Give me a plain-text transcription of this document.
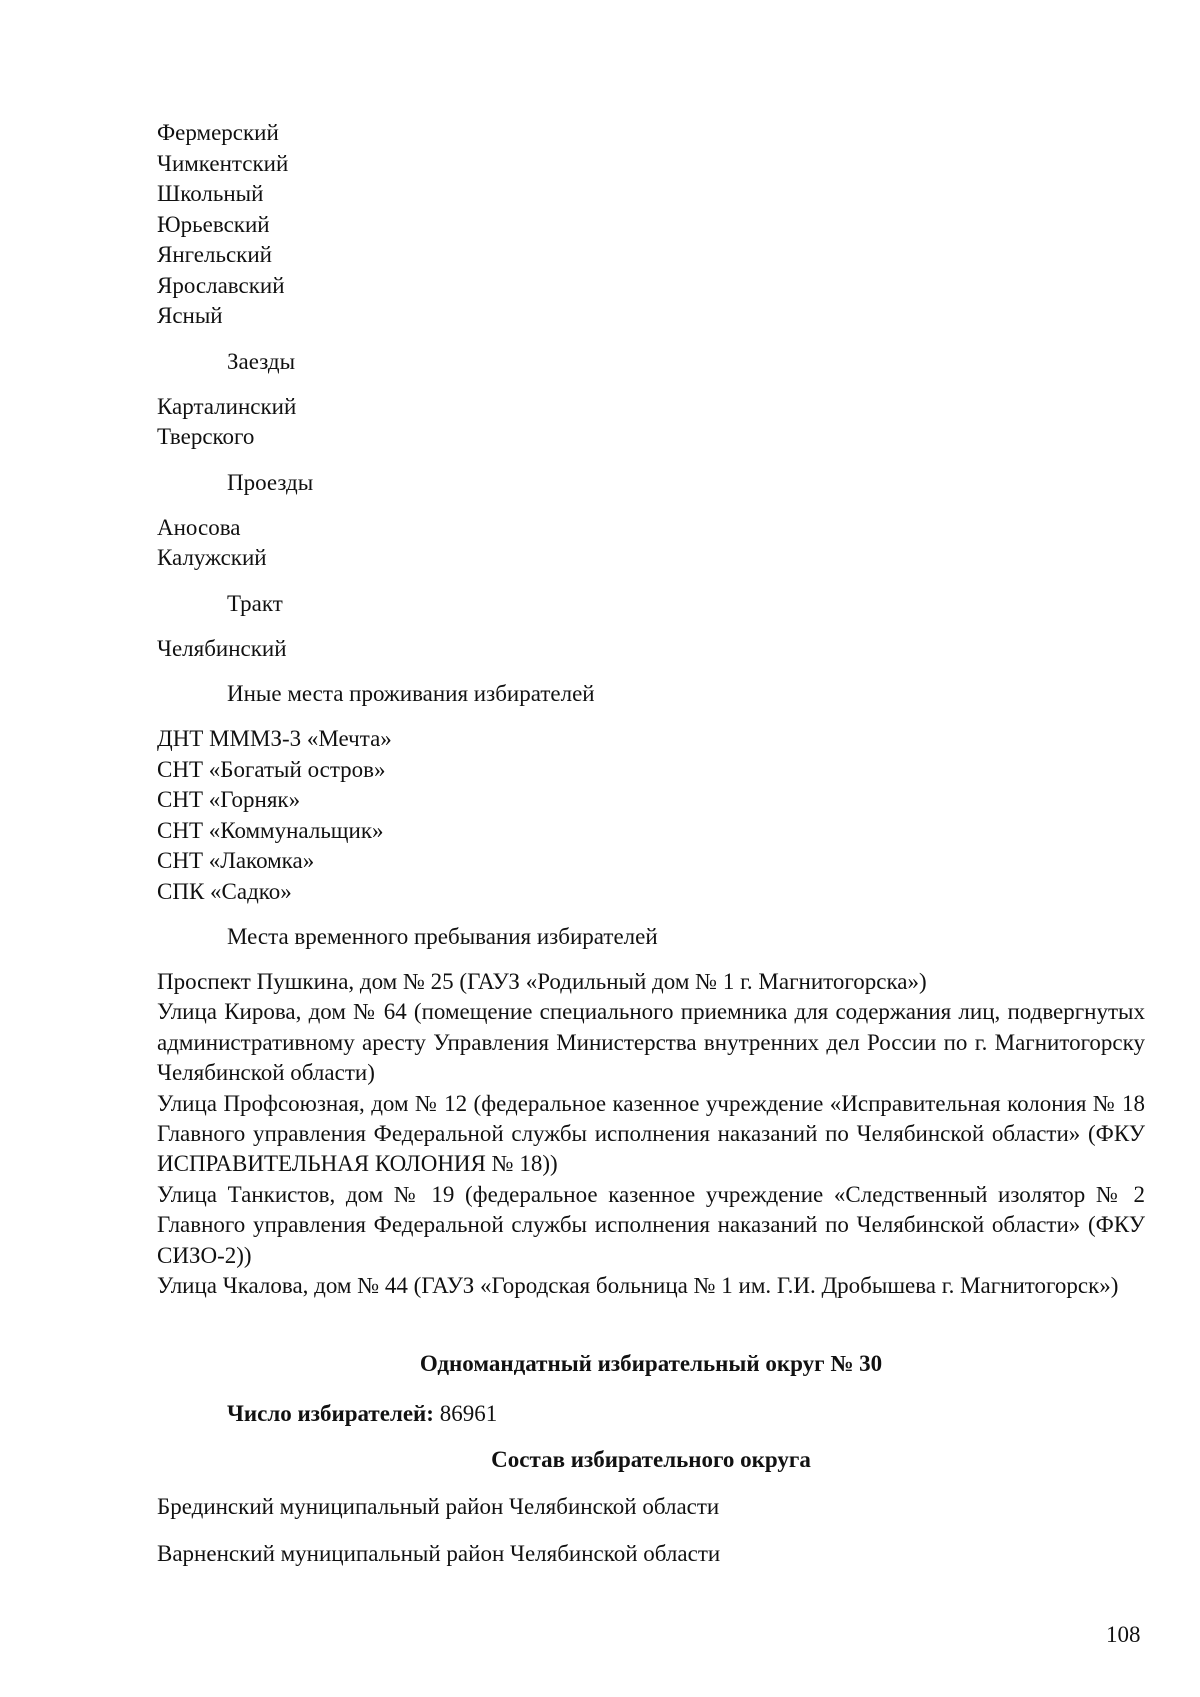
Фермерский
Чимкентский
Школьный
Юрьевский
Янгельский
Ярославский
Ясный
Заезды
Карталинский
Тверского
Проезды
Аносова
Калужский
Тракт
Челябинский
Иные места проживания избирателей
ДНТ МММЗ-3 «Мечта»
СНТ «Богатый остров»
СНТ «Горняк»
СНТ «Коммунальщик»
СНТ «Лакомка»
СПК «Садко»
Места временного пребывания избирателей

Проспект Пушкина, дом № 25 (ГАУЗ «Родильный дом № 1 г. Магнитогорска»)

Улица Кирова, дом № 64 (помещение специального приемника для содержания лиц, подвергнутых административному аресту Управления Министерства внутренних дел России по г. Магнитогорску Челябинской области)

Улица Профсоюзная, дом № 12 (федеральное казенное учреждение «Исправительная колония № 18 Главного управления Федеральной службы исполнения наказаний по Челябинской области» (ФКУ ИСПРАВИТЕЛЬНАЯ КОЛОНИЯ № 18))

Улица Танкистов, дом № 19 (федеральное казенное учреждение «Следственный изолятор № 2 Главного управления Федеральной службы исполнения наказаний по Челябинской области» (ФКУ СИЗО-2))

Улица Чкалова, дом № 44 (ГАУЗ «Городская больница № 1 им. Г.И. Дробышева г. Магнитогорск»)

Одномандатный избирательный округ № 30
Число избирателей: 86961
Состав избирательного округа
Брединский муниципальный район Челябинской области
Варненский муниципальный район Челябинской области
108
